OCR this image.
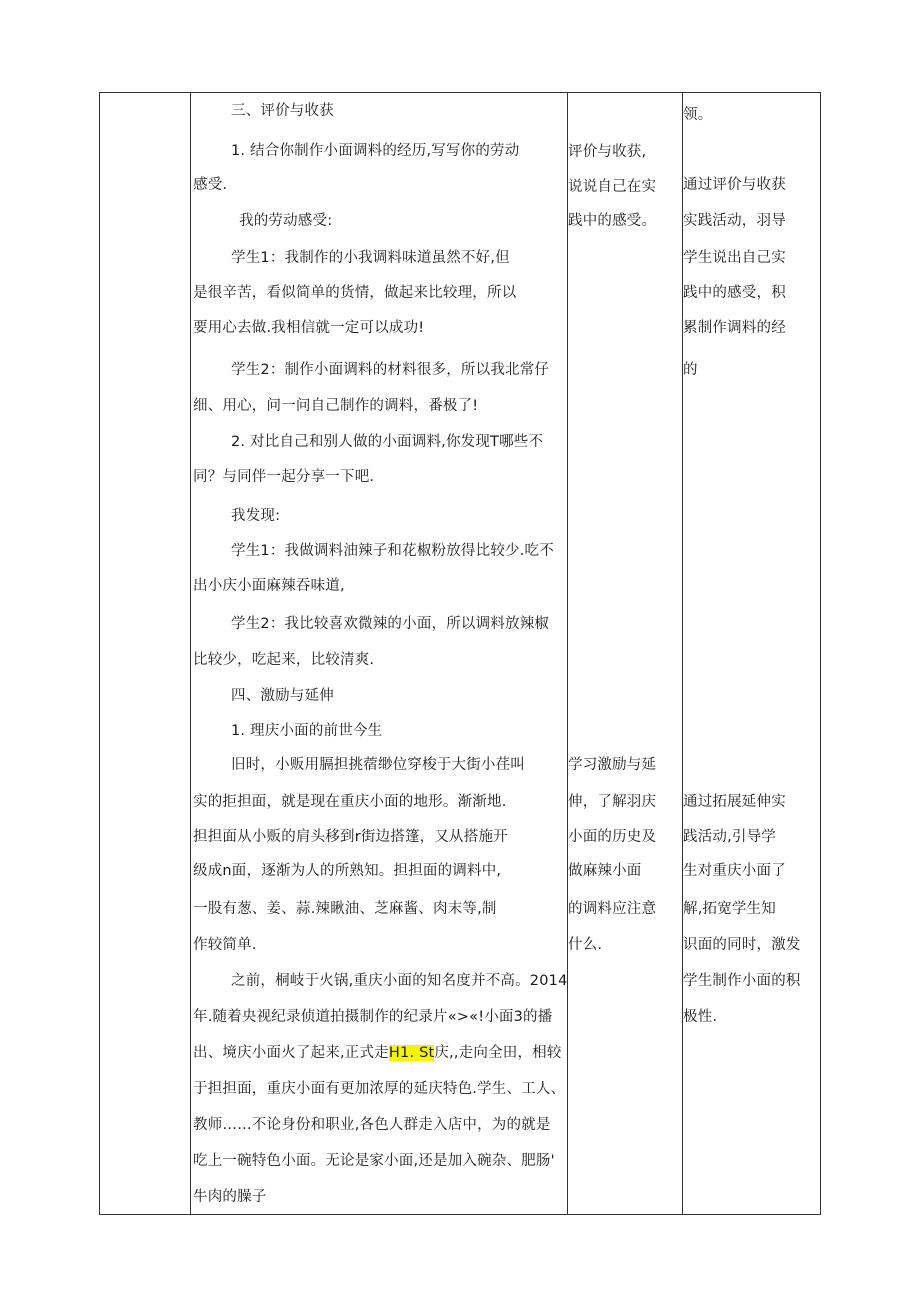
三、评价与收获
1. 结合你制作小面调料的经历,写写你的劳动
感受.
我的劳动感受:
学生1：我制作的小我调料味道虽然不好,但
是很辛苦，看似简单的货情，做起来比较理，所以
要用心去做.我相信就一定可以成功!
学生2：制作小面调料的材料很多，所以我北常仔
细、用心，问一问自己制作的调料，番极了!
2. 对比自己和别人做的小面调料,你发现T哪些不
同？与同伴一起分享一下吧.
我发现:
学生1：我做调料油辣子和花椒粉放得比较少.吃不
出小庆小面麻辣吞味道,
学生2：我比较喜欢微辣的小面，所以调料放辣椒
比较少，吃起来，比较清爽.
四、激励与延伸
1. 理庆小面的前世今生
旧时，小贩用膈担挑蓿缈位穿梭于大街小荏叫
实的拒担面，就是现在重庆小面的地形。渐渐地.
担担面从小贩的肩头移到r街边搭篷，又从搭施开
级成n面，逐渐为人的所熟知。担担面的调料中,
一股有葱、姜、蒜.辣瞅油、芝麻酱、肉末等,制
作较简单.
之前，桐岐于火锅,重庆小面的知名度并不高。2014
年.随着央视纪录侦道拍摄制作的纪录片«>«!小面3的播
出、境庆小面火了起来,正式走H1. St庆,,走向全田，相较
于担担面，重庆小面有更加浓厚的延庆特色.学生、工人、
教师……不论身份和职业,各色人群走入店中，为的就是
吃上一碗特色小面。无论是家小面,还是加入碗杂、肥肠'
牛肉的臊子
评价与收获,
说说自己在实
践中的感受。
学习激励与延
伸，了解羽庆
小面的历史及
做麻辣小面
的调料应注意
什么.
领。
通过评价与收获
实践活动，羽导
学生说出自己实
践中的感受，积
累制作调料的经
的
通过拓展延伸实
践活动,引导学
生对重庆小面了
解,拓宽学生知
识面的同时，激发
学生制作小面的积
极性.
